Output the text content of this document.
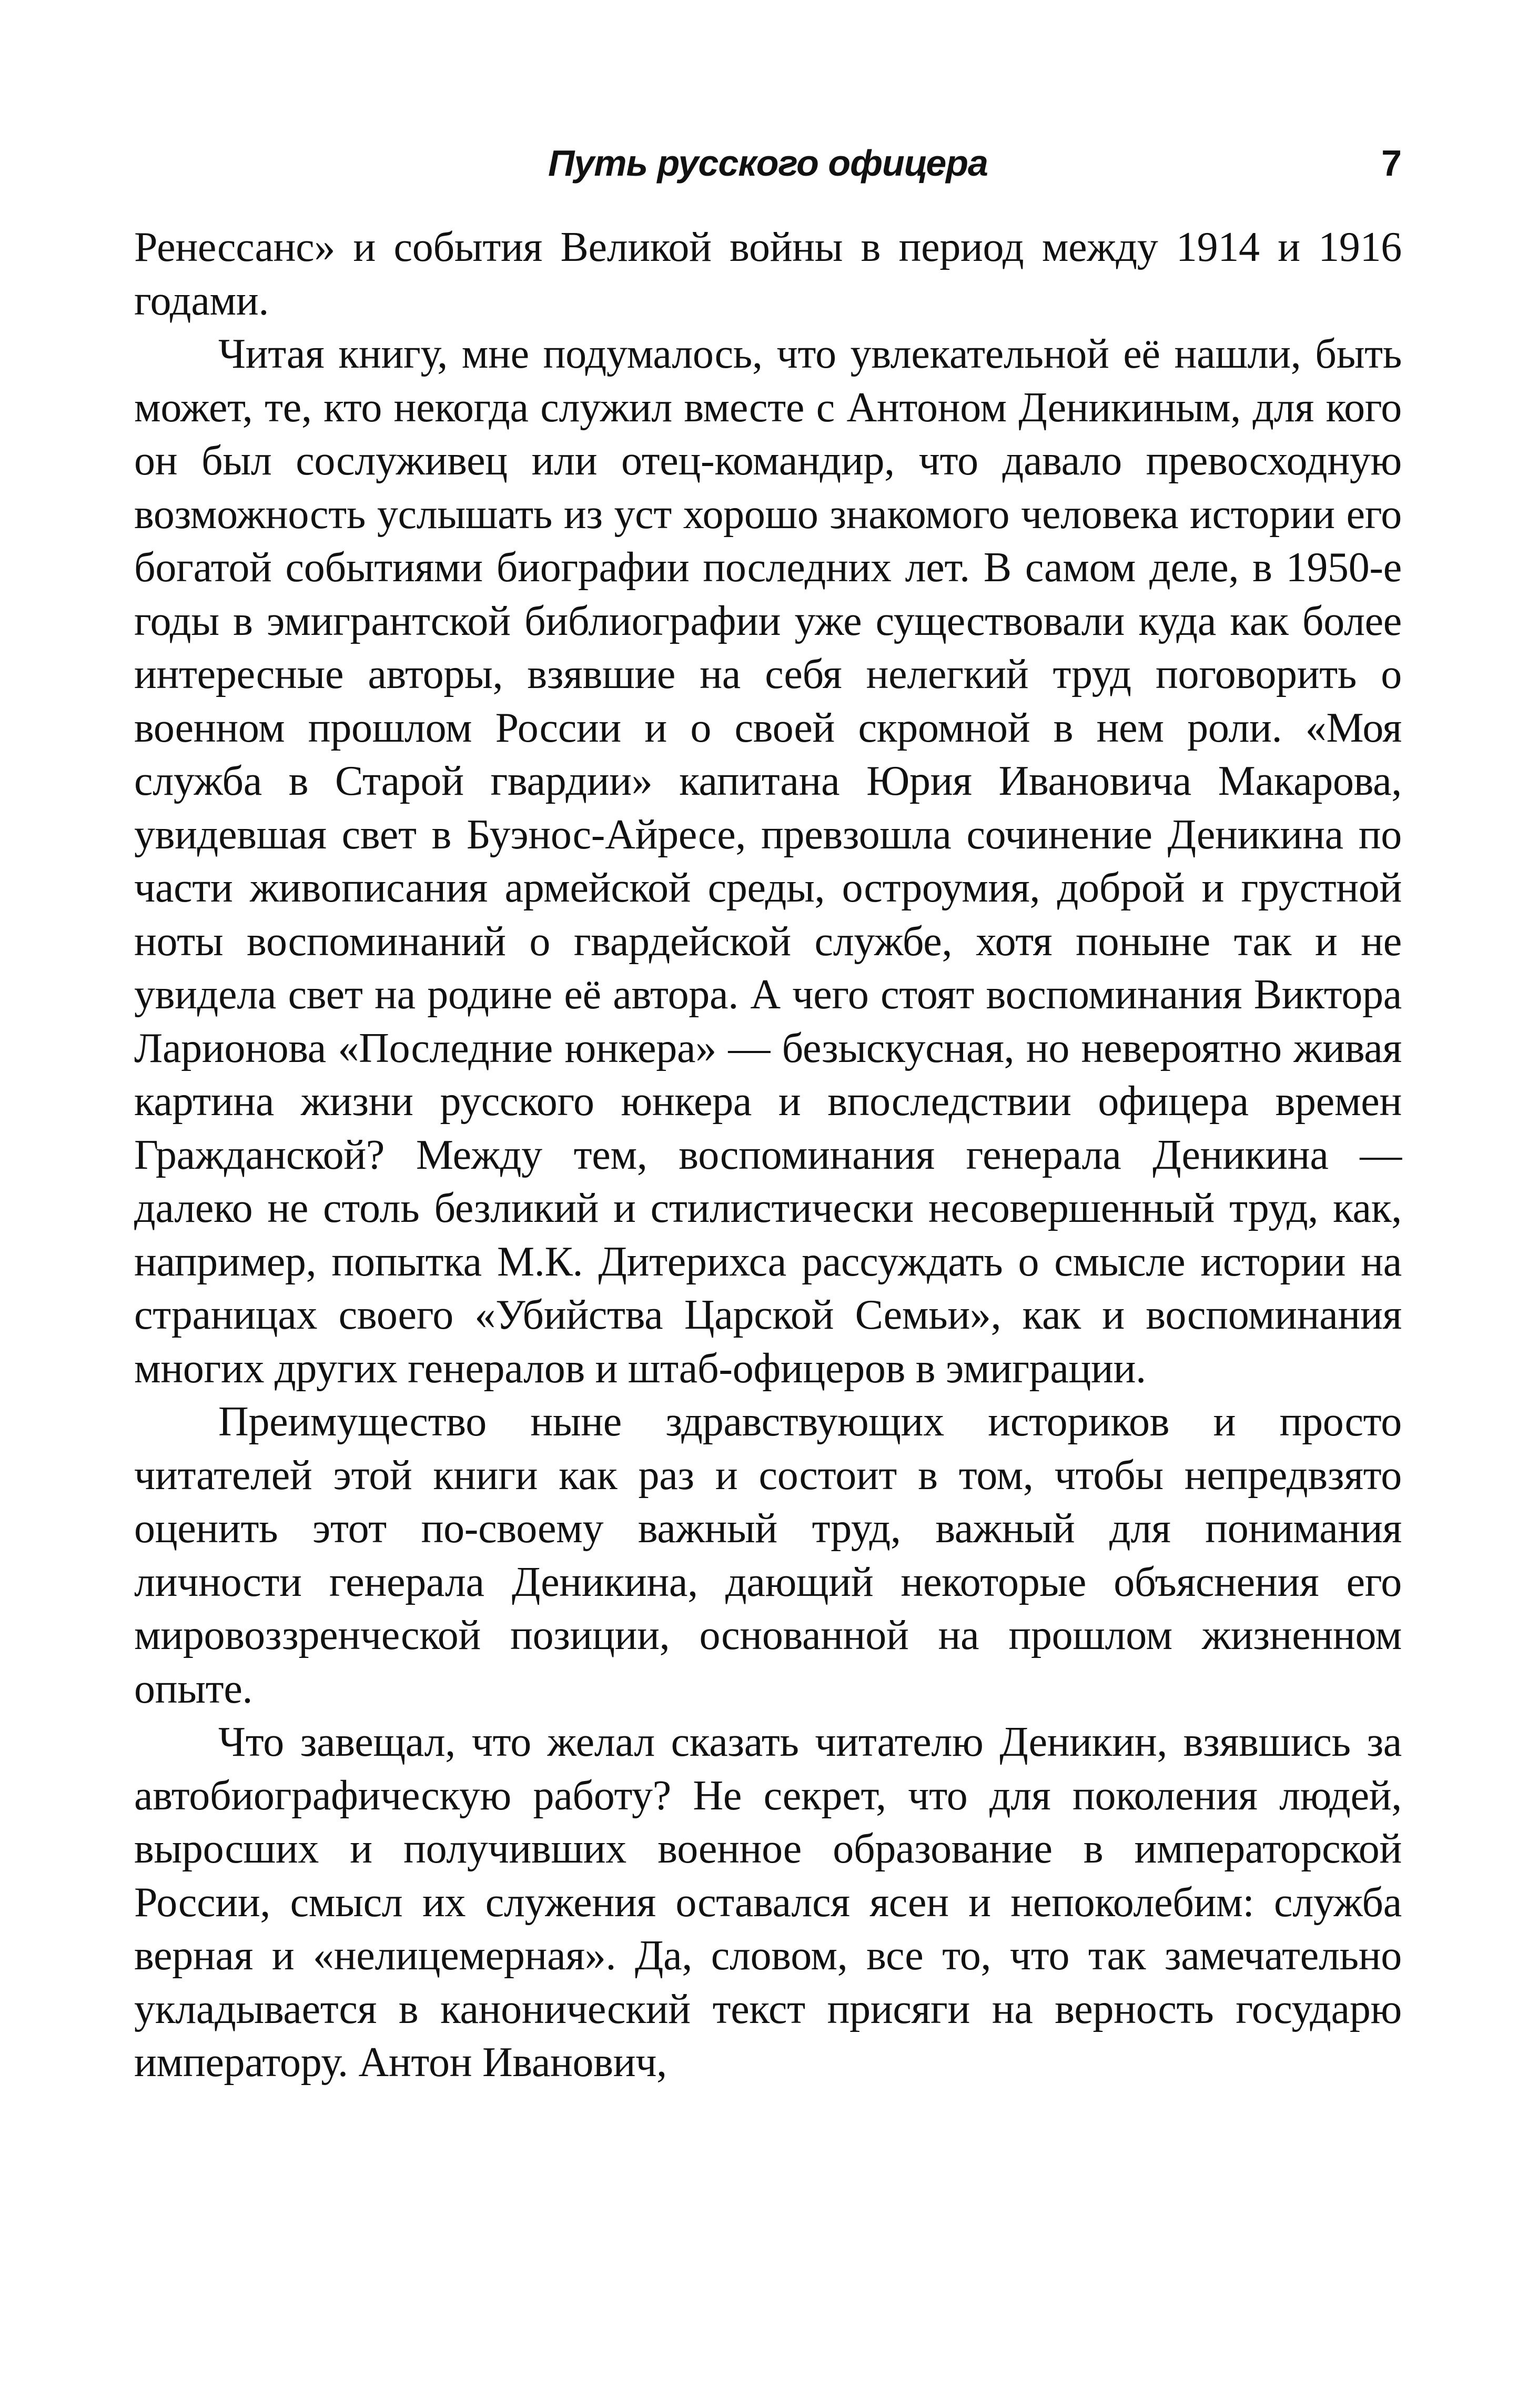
Путь русского офицера	7

Ренессанс» и события Великой войны в период между 1914 и 1916 годами.

Читая книгу, мне подумалось, что увлекательной её нашли, быть может, те, кто некогда служил вместе с Антоном Деникиным, для кого он был сослуживец или отец-командир, что давало превосходную возможность услышать из уст хорошо знакомого человека истории его богатой событиями биографии последних лет. В самом деле, в 1950-е годы в эмигрантской библиографии уже существовали куда как более интересные авторы, взявшие на себя нелегкий труд поговорить о военном прошлом России и о своей скромной в нем роли. «Моя служба в Старой гвардии» капитана Юрия Ивановича Макарова, увидевшая свет в Буэнос-Айресе, превзошла сочинение Деникина по части живописания армейской среды, остроумия, доброй и грустной ноты воспоминаний о гвардейской службе, хотя поныне так и не увидела свет на родине её автора. А чего стоят воспоминания Виктора Ларионова «Последние юнкера» — безыскусная, но невероятно живая картина жизни русского юнкера и впоследствии офицера времен Гражданской? Между тем, воспоминания генерала Деникина — далеко не столь безликий и стилистически несовершенный труд, как, например, попытка М.К. Дитерихса рассуждать о смысле истории на страницах своего «Убийства Царской Семьи», как и воспоминания многих других генералов и штаб-офицеров в эмиграции.

Преимущество ныне здравствующих историков и просто читателей этой книги как раз и состоит в том, чтобы непредвзято оценить этот по-своему важный труд, важный для понимания личности генерала Деникина, дающий некоторые объяснения его мировоззренческой позиции, основанной на прошлом жизненном опыте.

Что завещал, что желал сказать читателю Деникин, взявшись за автобиографическую работу? Не секрет, что для поколения людей, выросших и получивших военное образование в императорской России, смысл их служения оставался ясен и непоколебим: служба верная и «нелицемерная». Да, словом, все то, что так замечательно укладывается в канонический текст присяги на верность государю императору. Антон Иванович,
